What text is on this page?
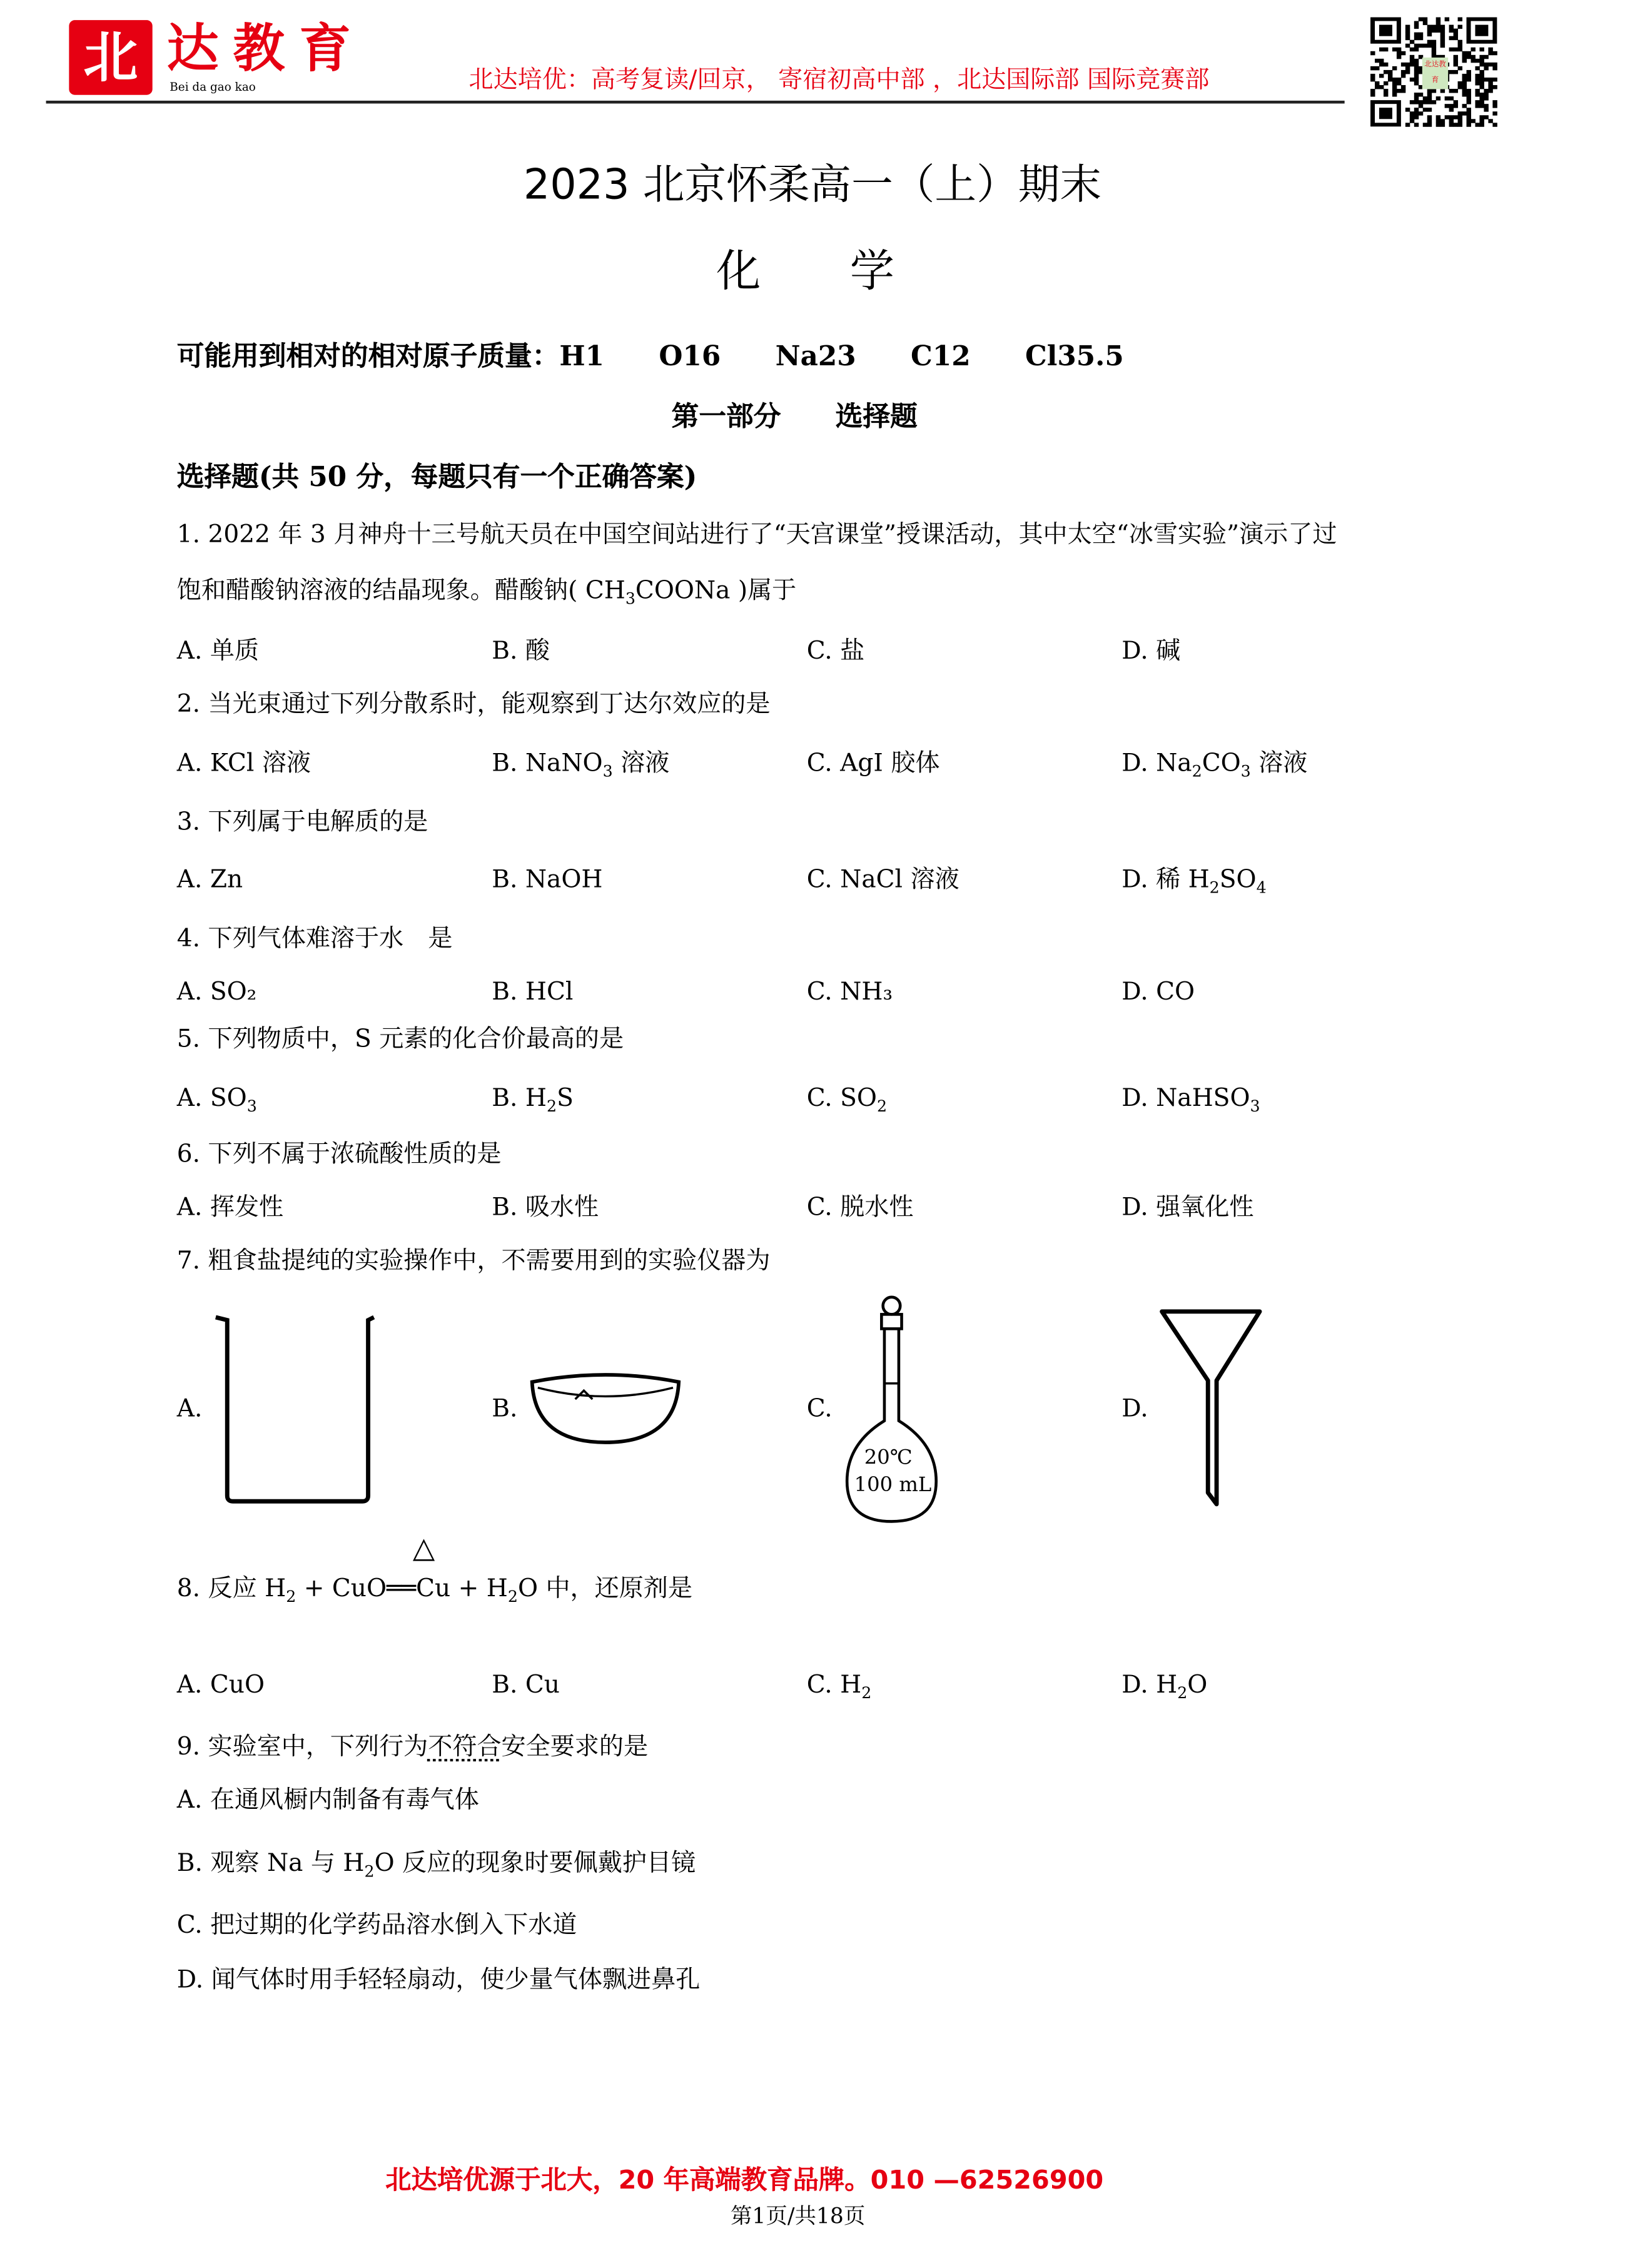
北	达教育
Bei da gao kao	北达培优：高考复读/回京， 寄宿初高中部 ，北达国际部 国际竞赛部
北达教育
2023 北京怀柔高一（上）期末
化　　学
可能用到相对的相对原子质量：H1　　O16　　Na23　　C12　　Cl35.5
第一部分　　选择题
选择题(共 50 分，每题只有一个正确答案)
1. 2022 年 3 月神舟十三号航天员在中国空间站进行了“天宫课堂”授课活动，其中太空“冰雪实验”演示了过
饱和醋酸钠溶液的结晶现象。醋酸钠( $CH_3COONa$ )属于
A. 单质	B. 酸	C. 盐	D. 碱
2. 当光束通过下列分散系时，能观察到丁达尔效应的是
A. KCl 溶液	B. NaNO$_3$ 溶液	C. AgI 胶体	D. $Na_2CO_3$ 溶液
3. 下列属于电解质的是
A. Zn	B. NaOH	C. NaCl 溶液	D. 稀 $H_2SO_4$
4. 下列气体难溶于水　是
A. SO₂	B. HCl	C. NH₃	D. CO
5. 下列物质中，S 元素的化合价最高的是
A. $SO_3$	B. $H_2S$	C. $SO_2$	D. NaHSO$_3$
6. 下列不属于浓硫酸性质的是
A. 挥发性	B. 吸水性	C. 脱水性	D. 强氧化性
7. 粗食盐提纯的实验操作中，不需要用到的实验仪器为
A.	B.	C.	D.
8. 反应 $H_2$ + CuO══Cu + $H_2O$ 中，还原剂是
A. CuO	B. Cu	C. $H_2$	D. $H_2O$
9. 实验室中，下列行为不符合安全要求的是
A. 在通风橱内制备有毒气体
B. 观察 Na 与 $H_2O$ 反应的现象时要佩戴护目镜
C. 把过期的化学药品溶水倒入下水道
D. 闻气体时用手轻轻扇动，使少量气体飘进鼻孔
20℃
100 mL
△
北达培优源于北大，20 年高端教育品牌。010 —62526900
第1页/共18页
